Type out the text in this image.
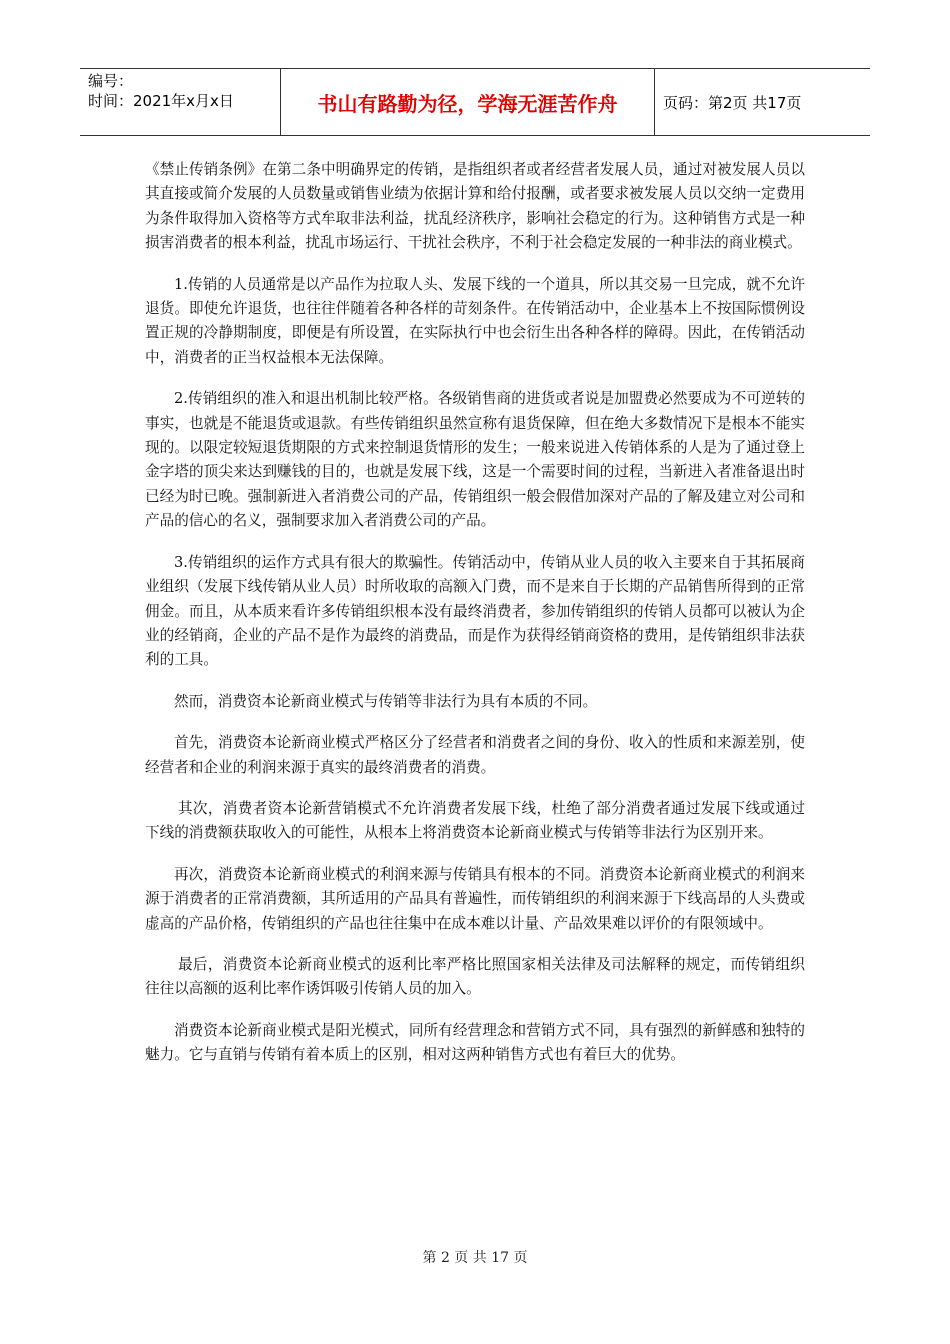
编号：
时间：2021年x月x日	书山有路勤为径，学海无涯苦作舟	页码：第2页 共17页

《禁止传销条例》在第二条中明确界定的传销，是指组织者或者经营者发展人员，通过对被发展人员以其直接或简介发展的人员数量或销售业绩为依据计算和给付报酬，或者要求被发展人员以交纳一定费用为条件取得加入资格等方式牟取非法利益，扰乱经济秩序，影响社会稳定的行为。这种销售方式是一种损害消费者的根本利益，扰乱市场运行、干扰社会秩序，不利于社会稳定发展的一种非法的商业模式。

1.传销的人员通常是以产品作为拉取人头、发展下线的一个道具，所以其交易一旦完成，就不允许退货。即使允许退货，也往往伴随着各种各样的苛刻条件。在传销活动中，企业基本上不按国际惯例设置正规的冷静期制度，即便是有所设置，在实际执行中也会衍生出各种各样的障碍。因此，在传销活动中，消费者的正当权益根本无法保障。

2.传销组织的准入和退出机制比较严格。各级销售商的进货或者说是加盟费必然要成为不可逆转的事实，也就是不能退货或退款。有些传销组织虽然宣称有退货保障，但在绝大多数情况下是根本不能实现的。以限定较短退货期限的方式来控制退货情形的发生；一般来说进入传销体系的人是为了通过登上金字塔的顶尖来达到赚钱的目的，也就是发展下线，这是一个需要时间的过程，当新进入者准备退出时已经为时已晚。强制新进入者消费公司的产品，传销组织一般会假借加深对产品的了解及建立对公司和产品的信心的名义，强制要求加入者消费公司的产品。

3.传销组织的运作方式具有很大的欺骗性。传销活动中，传销从业人员的收入主要来自于其拓展商业组织（发展下线传销从业人员）时所收取的高额入门费，而不是来自于长期的产品销售所得到的正常佣金。而且，从本质来看许多传销组织根本没有最终消费者，参加传销组织的传销人员都可以被认为企业的经销商，企业的产品不是作为最终的消费品，而是作为获得经销商资格的费用，是传销组织非法获利的工具。

然而，消费资本论新商业模式与传销等非法行为具有本质的不同。

首先，消费资本论新商业模式严格区分了经营者和消费者之间的身份、收入的性质和来源差别，使经营者和企业的利润来源于真实的最终消费者的消费。

其次，消费者资本论新营销模式不允许消费者发展下线，杜绝了部分消费者通过发展下线或通过下线的消费额获取收入的可能性，从根本上将消费资本论新商业模式与传销等非法行为区别开来。

再次，消费资本论新商业模式的利润来源与传销具有根本的不同。消费资本论新商业模式的利润来源于消费者的正常消费额，其所适用的产品具有普遍性，而传销组织的利润来源于下线高昂的人头费或虚高的产品价格，传销组织的产品也往往集中在成本难以计量、产品效果难以评价的有限领域中。

最后，消费资本论新商业模式的返利比率严格比照国家相关法律及司法解释的规定，而传销组织往往以高额的返利比率作诱饵吸引传销人员的加入。

消费资本论新商业模式是阳光模式，同所有经营理念和营销方式不同，具有强烈的新鲜感和独特的魅力。它与直销与传销有着本质上的区别，相对这两种销售方式也有着巨大的优势。

第 2 页 共 17 页
